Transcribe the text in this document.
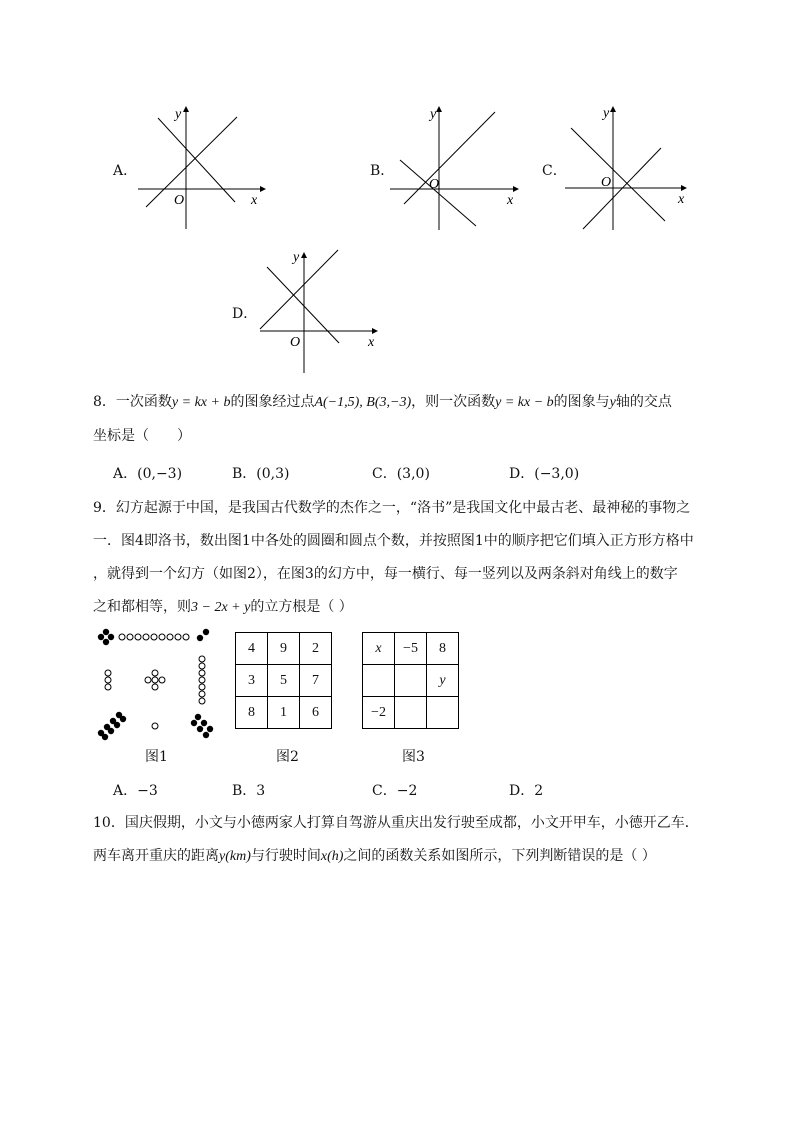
A．
O	x
y
B．
O
x
y
C．
O
x
y
D．
O	x
y
8．一次函数y = kx + b的图象经过点A(−1,5), B(3,−3)，则一次函数y = kx − b的图象与y轴的交点
坐标是（　　）
A．(0,−3)	B．(0,3)	C．(3,0)	D．(−3,0)
9．幻方起源于中国，是我国古代数学的杰作之一，“洛书”是我国文化中最古老、最神秘的事物之
一．图4即洛书，数出图1中各处的圆圈和圆点个数，并按照图1中的顺序把它们填入正方形方格中
，就得到一个幻方（如图2），在图3的幻方中，每一横行、每一竖列以及两条斜对角线上的数字
之和都相等，则3 − 2x + y的立方根是（ ）
图1
4	9	2
3	5	7
8	1	6
图2
x	−5	8
		y
−2		
图3
A．−3	B．3	C．−2	D．2
10．国庆假期，小文与小德两家人打算自驾游从重庆出发行驶至成都，小文开甲车，小德开乙车．
两车离开重庆的距离y(km)与行驶时间x(h)之间的函数关系如图所示，下列判断错误的是（ ）
